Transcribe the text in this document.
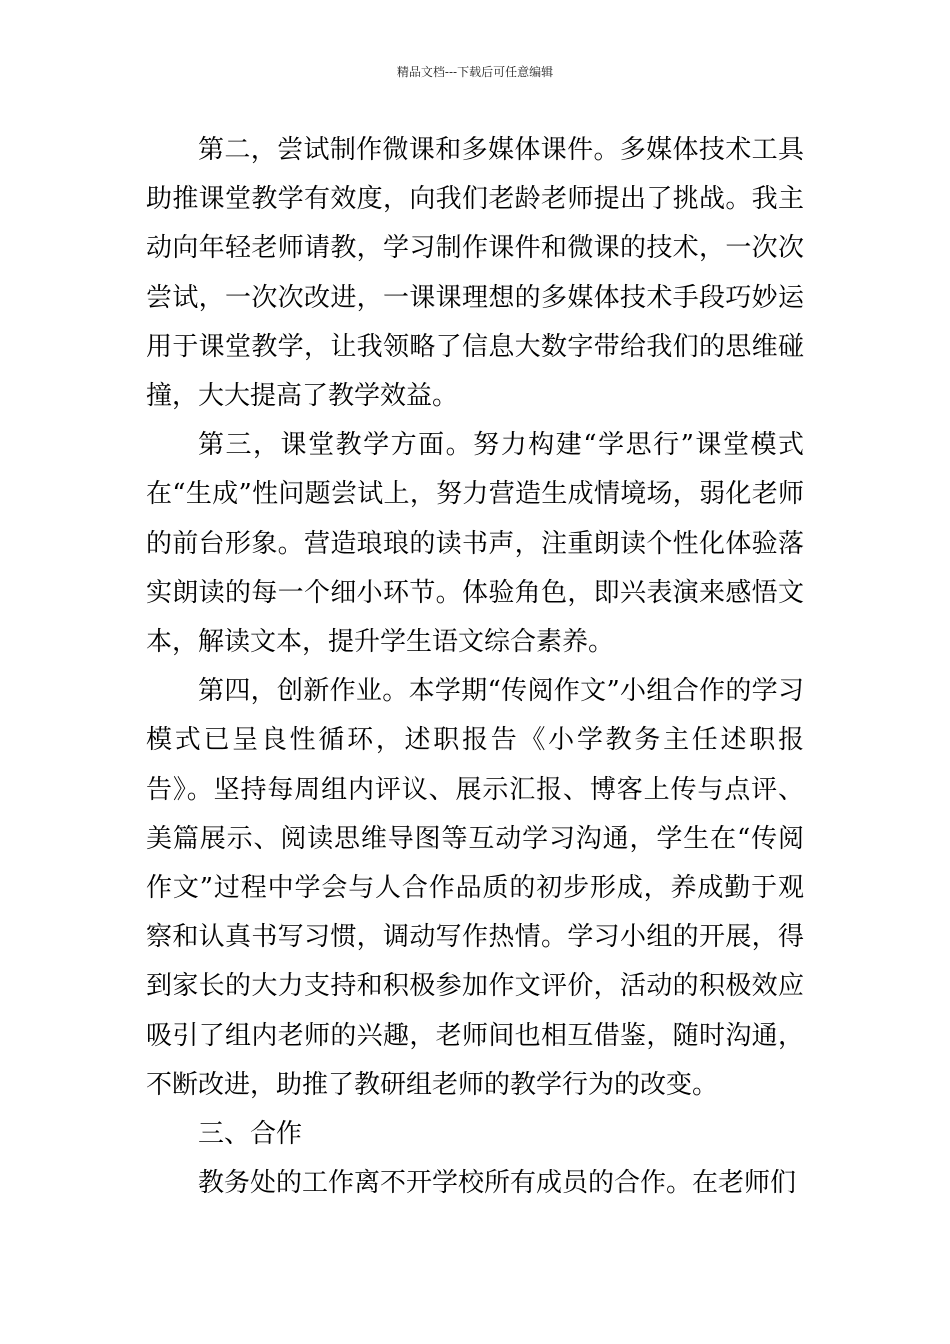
精品文档---下载后可任意编辑

第二，尝试制作微课和多媒体课件。多媒体技术工具助推课堂教学有效度，向我们老龄老师提出了挑战。我主动向年轻老师请教，学习制作课件和微课的技术，一次次尝试，一次次改进，一课课理想的多媒体技术手段巧妙运用于课堂教学，让我领略了信息大数字带给我们的思维碰撞，大大提高了教学效益。

第三，课堂教学方面。努力构建“学思行”课堂模式在“生成”性问题尝试上，努力营造生成情境场，弱化老师的前台形象。营造琅琅的读书声，注重朗读个性化体验落实朗读的每一个细小环节。体验角色，即兴表演来感悟文本，解读文本，提升学生语文综合素养。

第四，创新作业。本学期“传阅作文”小组合作的学习模式已呈良性循环，述职报告《小学教务主任述职报告》。坚持每周组内评议、展示汇报、博客上传与点评、美篇展示、阅读思维导图等互动学习沟通，学生在“传阅作文”过程中学会与人合作品质的初步形成，养成勤于观察和认真书写习惯，调动写作热情。学习小组的开展，得到家长的大力支持和积极参加作文评价，活动的积极效应吸引了组内老师的兴趣，老师间也相互借鉴，随时沟通，不断改进，助推了教研组老师的教学行为的改变。

三、合作

教务处的工作离不开学校所有成员的合作。在老师们
